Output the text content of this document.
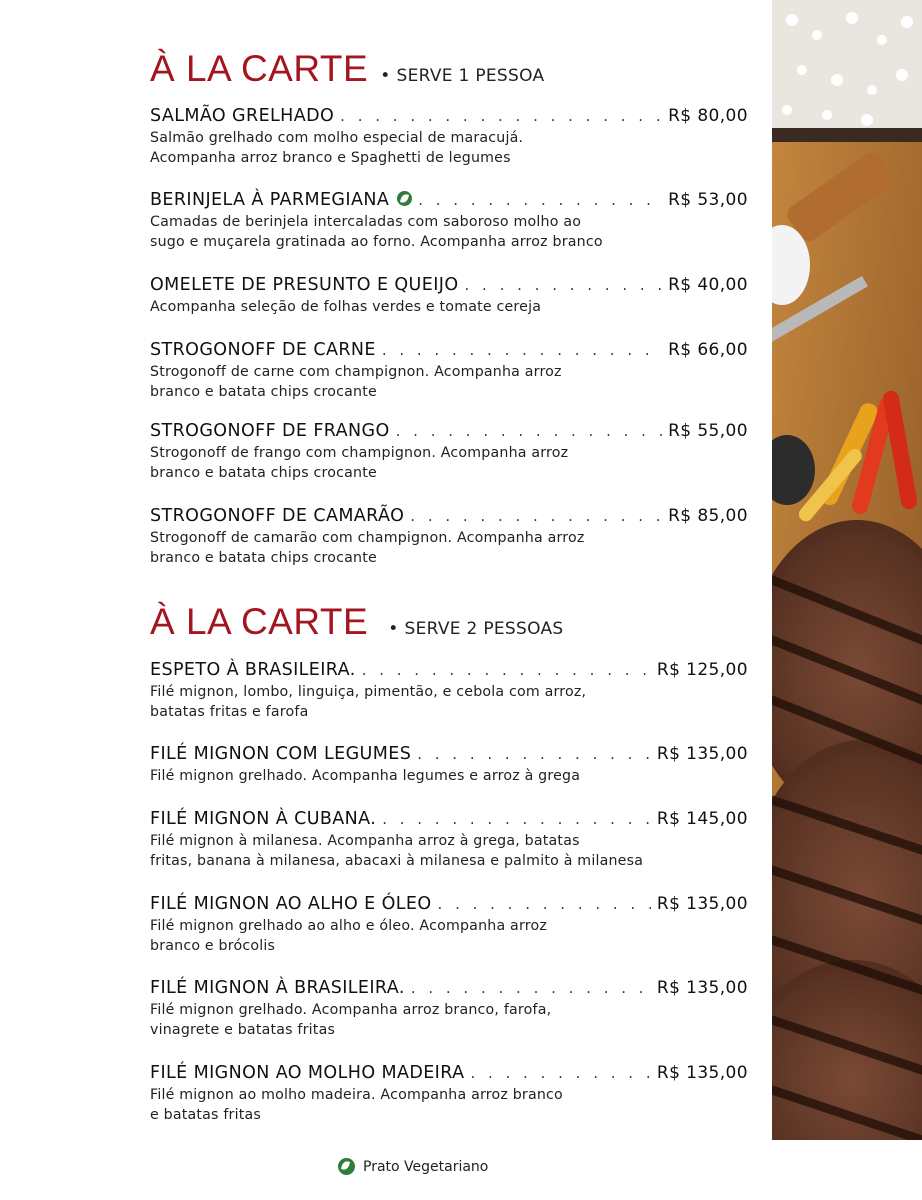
À LA CARTE • SERVE 1 PESSOA
SALMÃO GRELHADO . . .	R$ 80,00
Salmão grelhado com molho especial de maracujá.
Acompanha arroz branco e Spaghetti de legumes
BERINJELA À PARMEGIANA . . .	R$ 53,00
Camadas de berinjela intercaladas com saboroso molho ao
sugo e muçarela gratinada ao forno. Acompanha arroz branco
OMELETE DE PRESUNTO E QUEIJO . . .	R$ 40,00
Acompanha seleção de folhas verdes e tomate cereja
STROGONOFF DE CARNE . . .	R$ 66,00
Strogonoff de carne com champignon. Acompanha arroz
branco e batata chips crocante
STROGONOFF DE FRANGO . . .	R$ 55,00
Strogonoff de frango com champignon. Acompanha arroz
branco e batata chips crocante
STROGONOFF DE CAMARÃO . . .	R$ 85,00
Strogonoff de camarão com champignon. Acompanha arroz
branco e batata chips crocante
À LA CARTE • SERVE 2 PESSOAS
ESPETO À BRASILEIRA. . . .	R$ 125,00
Filé mignon, lombo, linguiça, pimentão, e cebola com arroz,
batatas fritas e farofa
FILÉ MIGNON COM LEGUMES . . .	R$ 135,00
Filé mignon grelhado. Acompanha legumes e arroz à grega
FILÉ MIGNON À CUBANA. . . .	R$ 145,00
Filé mignon à milanesa. Acompanha arroz à grega, batatas
fritas, banana à milanesa, abacaxi à milanesa e palmito à milanesa
FILÉ MIGNON AO ALHO E ÓLEO . . .	R$ 135,00
Filé mignon grelhado ao alho e óleo. Acompanha arroz
branco e brócolis
FILÉ MIGNON À BRASILEIRA. . . .	R$ 135,00
Filé mignon grelhado. Acompanha arroz branco, farofa,
vinagrete e batatas fritas
FILÉ MIGNON AO MOLHO MADEIRA . . .	R$ 135,00
Filé mignon ao molho madeira. Acompanha arroz branco
e batatas fritas
Prato Vegetariano
